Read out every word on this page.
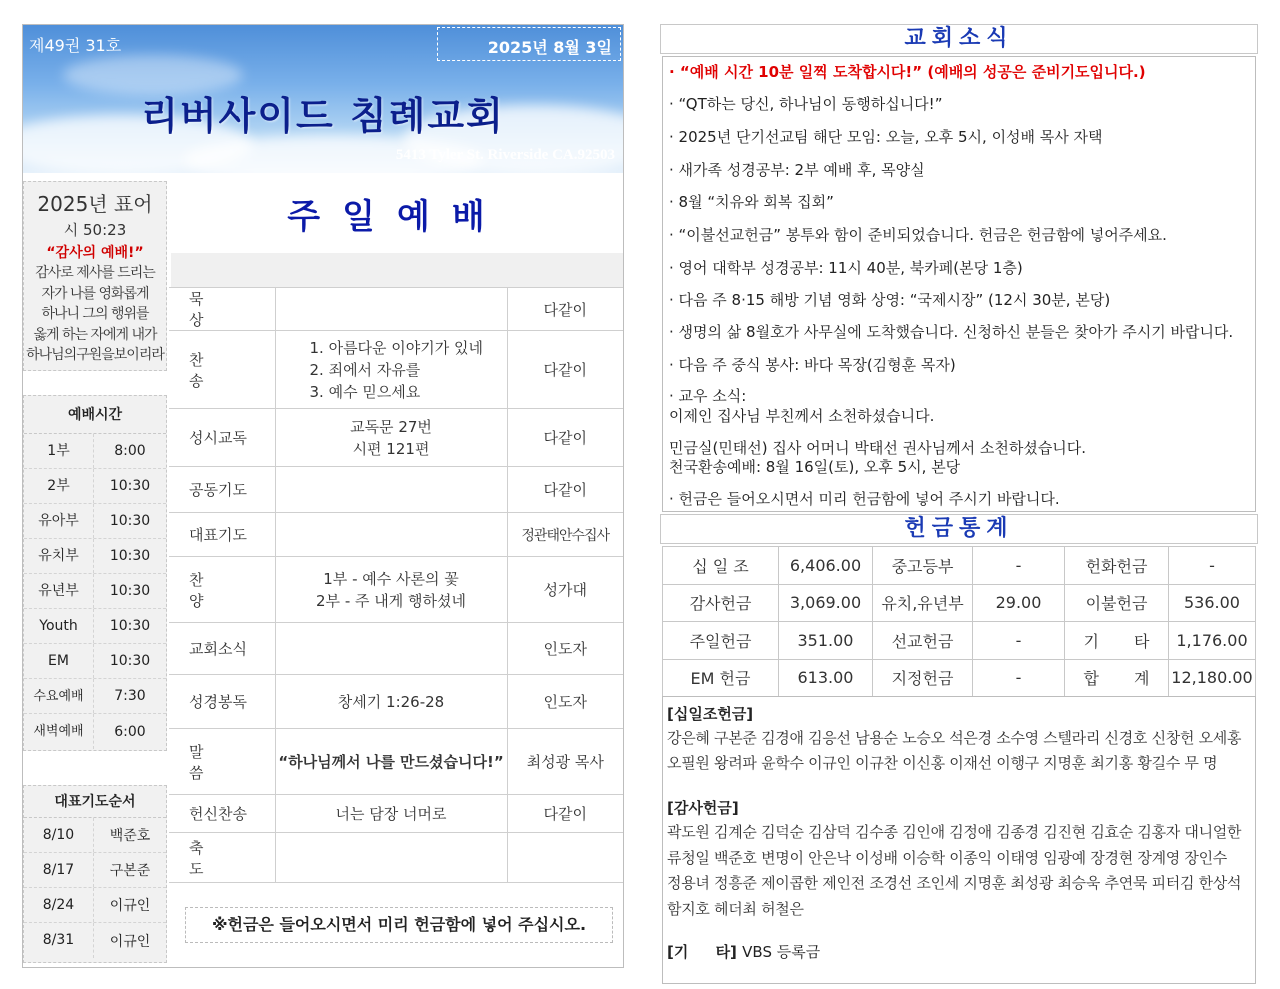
제49권 31호	2025년 8월 3일
리버사이드 침례교회
5413 Tyler St. Riverside CA.92503
2025년 표어
시 50:23
“감사의 예배!”
감사로 제사를 드리는
자가 나를 영화롭게
하나니 그의 행위를
옳게 하는 자에게 내가
하나님의구원을보이리라
예배시간
1부	8:00
2부	10:30
유아부	10:30
유치부	10:30
유년부	10:30
Youth	10:30
EM	10:30
수요예배	7:30
새벽예배	6:00
대표기도순서
8/10	백준호
8/17	구본준
8/24	이규인
8/31	이규인
주일예배
묵 상		다같이
찬 송	1. 아름다운 이야기가 있네
2. 죄에서 자유를
3. 예수 믿으세요	다같이
성시교독	교독문 27번
시편 121편	다같이
공동기도		다같이
대표기도		정관태안수집사
찬 양	1부 - 예수 사론의 꽃
2부 - 주 내게 행하셨네	성가대
교회소식		인도자
성경봉독	창세기 1:26-28	인도자
말 씀	“하나님께서 나를 만드셨습니다!”	최성광 목사
헌신찬송	너는 담장 너머로	다같이
축 도		
※헌금은 들어오시면서 미리 헌금함에 넣어 주십시오.
교회소식
· “예배 시간 10분 일찍 도착합시다!” (예배의 성공은 준비기도입니다.)
· “QT하는 당신, 하나님이 동행하십니다!”
· 2025년 단기선교팀 해단 모임: 오늘, 오후 5시, 이성배 목사 자택
· 새가족 성경공부: 2부 예배 후, 목양실
· 8월 “치유와 회복 집회”
· “이불선교헌금” 봉투와 함이 준비되었습니다. 헌금은 헌금함에 넣어주세요.
· 영어 대학부 성경공부: 11시 40분, 북카페(본당 1층)
· 다음 주 8·15 해방 기념 영화 상영: “국제시장” (12시 30분, 본당)
· 생명의 삶 8월호가 사무실에 도착했습니다. 신청하신 분들은 찾아가 주시기 바랍니다.
· 다음 주 중식 봉사: 바다 목장(김형훈 목자)
· 교우 소식:
이제인 집사님 부친께서 소천하셨습니다.
민금실(민태선) 집사 어머니 박태선 권사님께서 소천하셨습니다.
천국환송예배: 8월 16일(토), 오후 5시, 본당
· 헌금은 들어오시면서 미리 헌금함에 넣어 주시기 바랍니다.
헌금통계
십 일 조	6,406.00	중고등부	-	헌화헌금	-
감사헌금	3,069.00	유치,유년부	29.00	이불헌금	536.00
주일헌금	351.00	선교헌금	-	기 타	1,176.00
EM 헌금	613.00	지정헌금	-	합 계	12,180.00
[십일조헌금]
강은혜 구본준 김경애 김응선 남용순 노승오 석은경 소수영 스텔라리 신경호 신창헌 오세홍
오필원 왕려파 윤학수 이규인 이규찬 이신홍 이재선 이행구 지명훈 최기홍 황길수 무 명
[감사헌금]
곽도원 김계순 김덕순 김삼덕 김수종 김인애 김정애 김종경 김진현 김효순 김홍자 대니얼한
류청일 백준호 변명이 안은낙 이성배 이승학 이종익 이태영 임광예 장경현 장계영 장인수
정용녀 정흥준 제이콥한 제인전 조경선 조인세 지명훈 최성광 최승욱 추연묵 피터김 한상석
함지호 헤더최 허철은
[기 타] VBS 등록금
